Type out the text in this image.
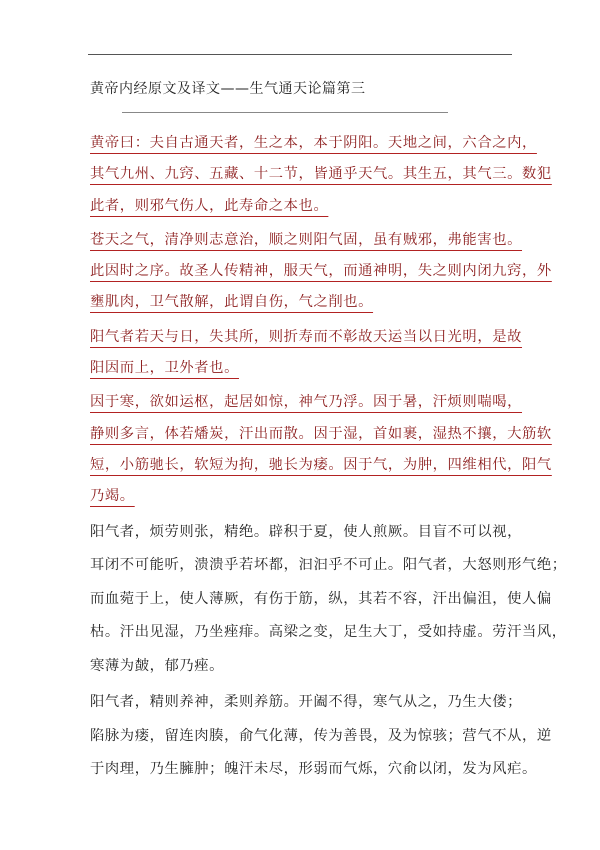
黄帝内经原文及译文——生气通天论篇第三

黄帝曰：夫自古通天者，生之本，本于阴阳。天地之间，六合之内，
其气九州、九窍、五藏、十二节，皆通乎天气。其生五，其气三。数犯
此者，则邪气伤人，此寿命之本也。

苍天之气，清净则志意治，顺之则阳气固，虽有贼邪，弗能害也。
此因时之序。故圣人传精神，服天气，而通神明，失之则内闭九窍，外
壅肌肉，卫气散解，此谓自伤，气之削也。

阳气者若天与日，失其所，则折寿而不彰故天运当以日光明，是故
阳因而上，卫外者也。

因于寒，欲如运枢，起居如惊，神气乃浮。因于暑，汗烦则喘喝，
静则多言，体若燔炭，汗出而散。因于湿，首如裹，湿热不攘，大筋软
短，小筋驰长，软短为拘，驰长为痿。因于气，为肿，四维相代，阳气
乃竭。

阳气者，烦劳则张，精绝。辟积于夏，使人煎厥。目盲不可以视，
耳闭不可能听，溃溃乎若坏都，汩汩乎不可止。阳气者，大怒则形气绝；
而血菀于上，使人薄厥，有伤于筋，纵，其若不容，汗出偏沮，使人偏
枯。汗出见湿，乃坐痤痱。高梁之变，足生大丁，受如持虚。劳汗当风，
寒薄为皶，郁乃痤。

阳气者，精则养神，柔则养筋。开阖不得，寒气从之，乃生大偻；
陷脉为瘘，留连肉腠，俞气化薄，传为善畏，及为惊骇；营气不从，逆
于肉理，乃生臃肿；魄汗未尽，形弱而气烁，穴俞以闭，发为风疟。
